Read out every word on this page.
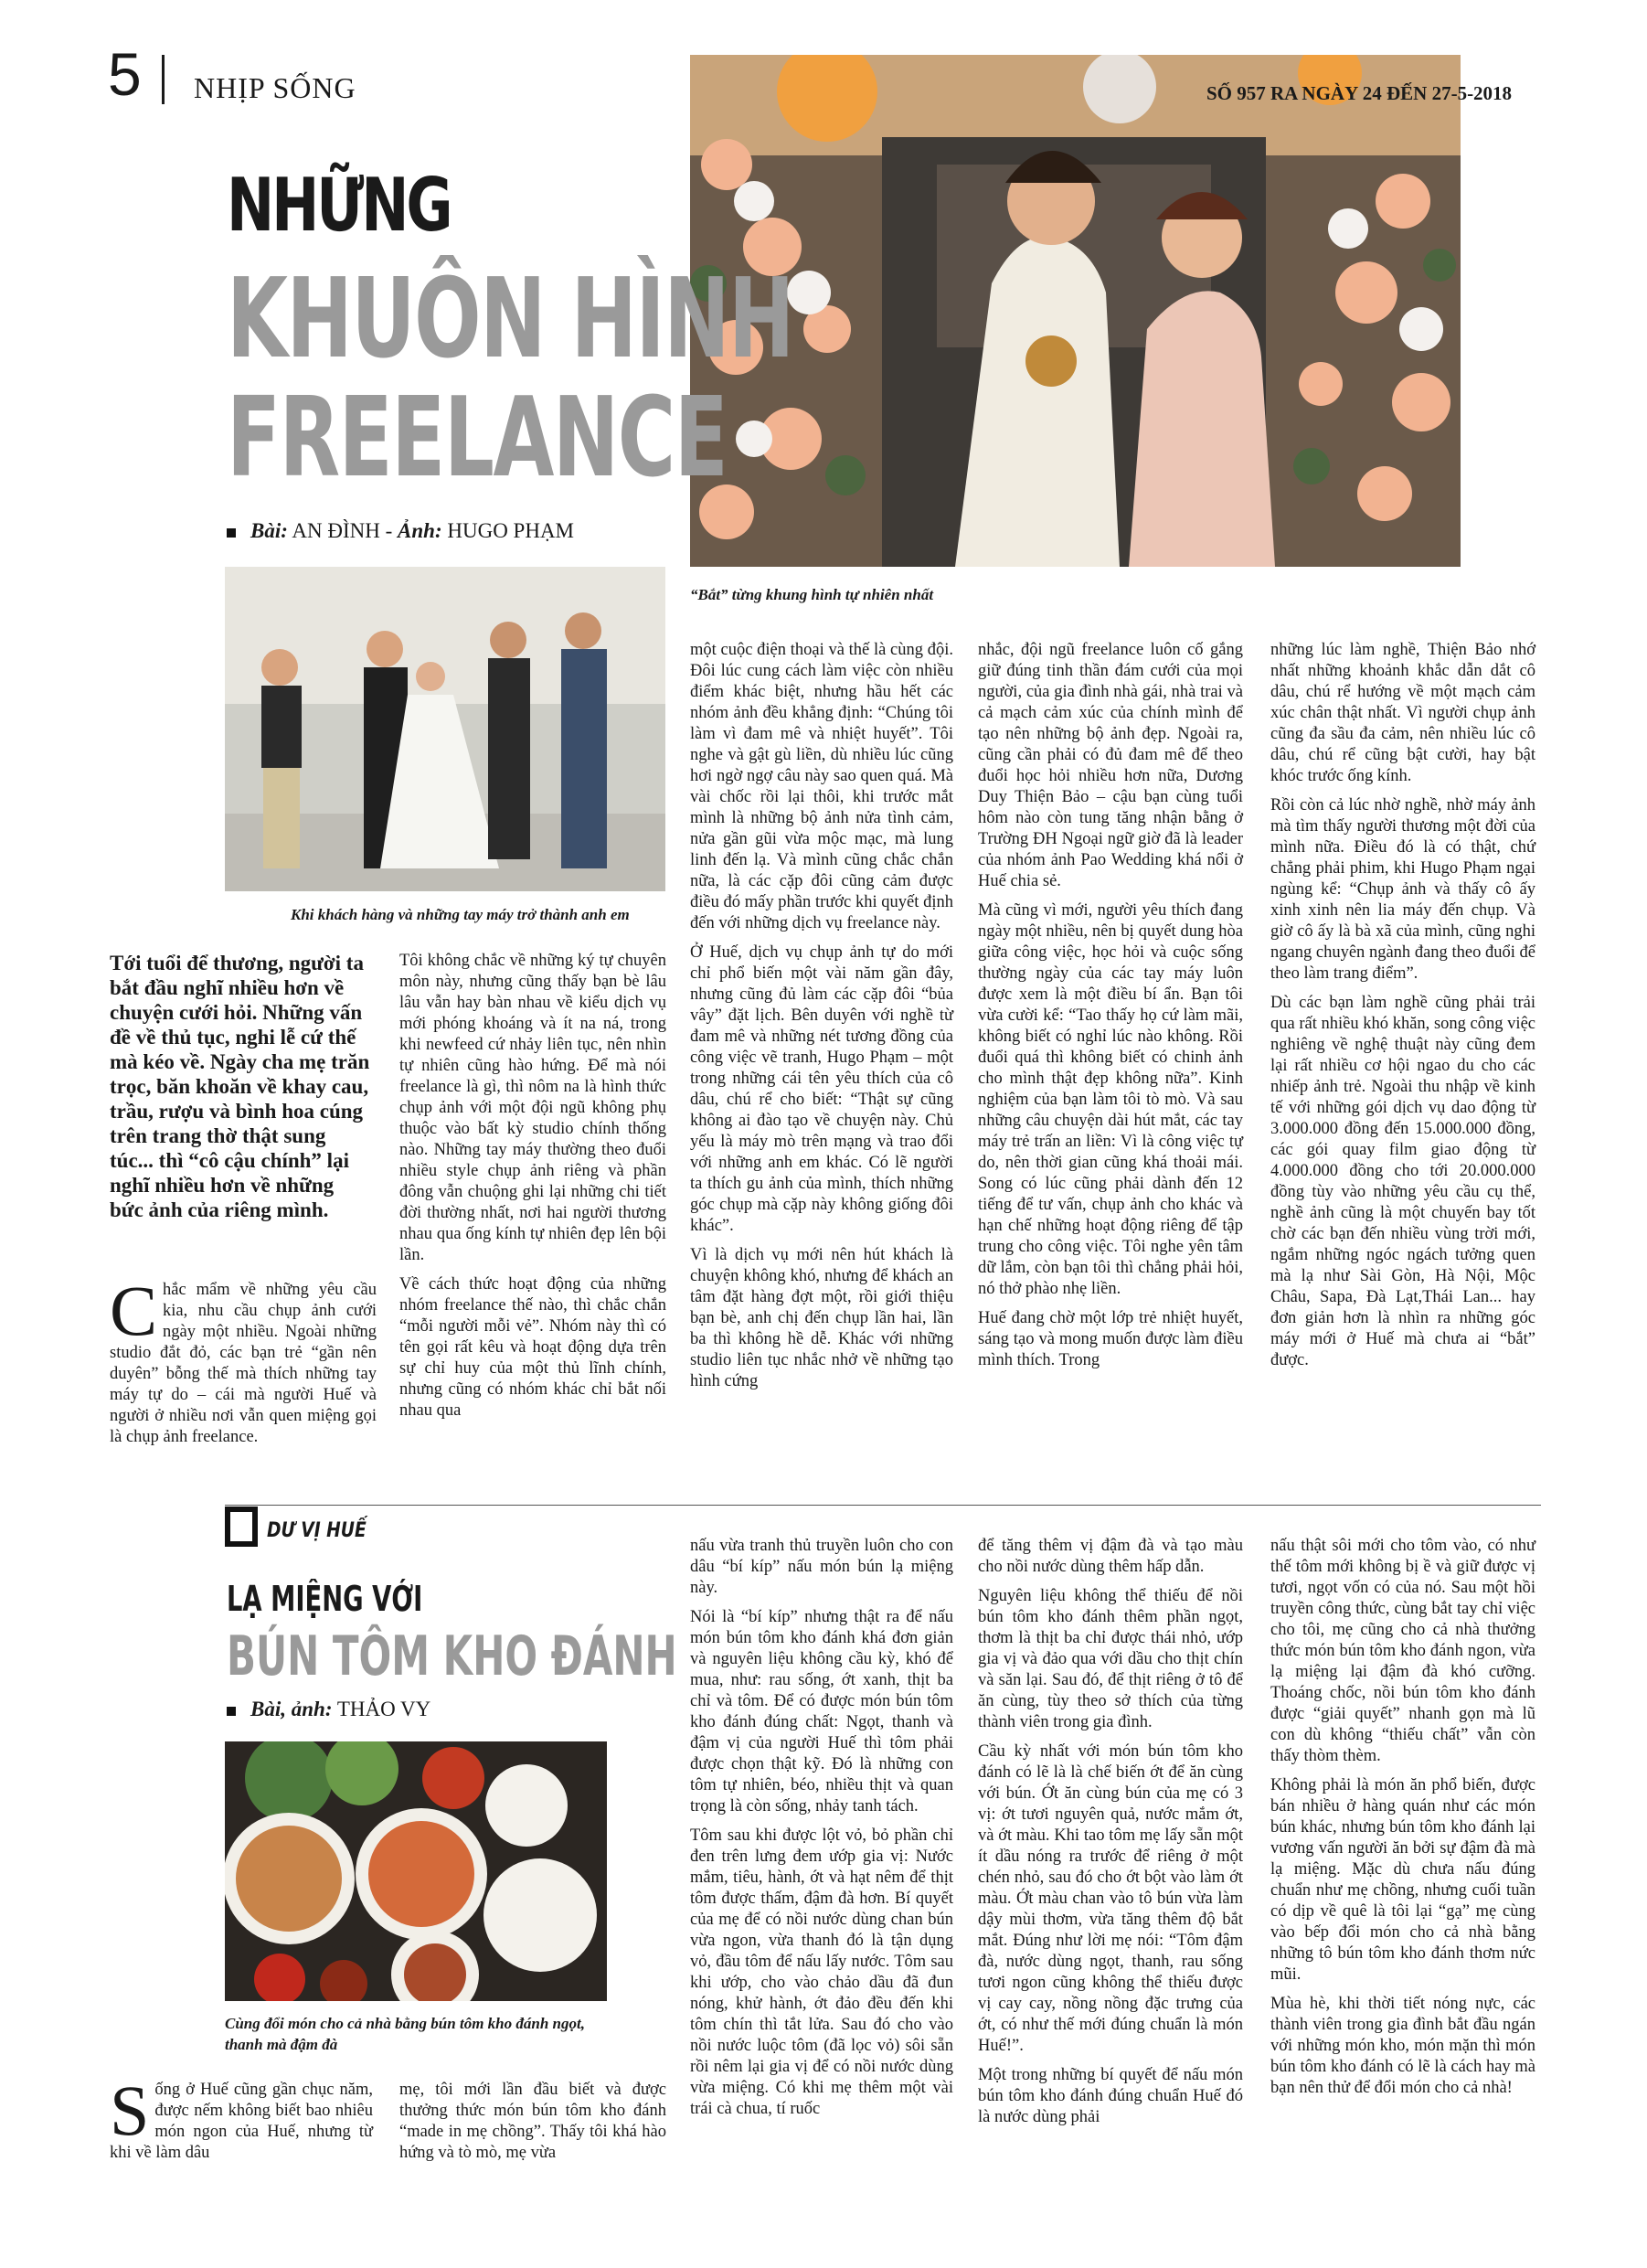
5 NHỊP SỐNG	SỐ 957 RA NGÀY 24 ĐẾN 27-5-2018
“Bắt” từng khung hình tự nhiên nhất
NHỮNG
KHUÔN HÌNH
FREELANCE
Bài: AN ĐÌNH - Ảnh: HUGO PHẠM
Khi khách hàng và những tay máy trở thành anh em
Tới tuổi để thương, người ta bắt đầu nghĩ nhiều hơn về chuyện cưới hỏi. Những vấn đề về thủ tục, nghi lễ cứ thế mà kéo về. Ngày cha mẹ trăn trọc, băn khoăn về khay cau, trầu, rượu và bình hoa cúng trên trang thờ thật sung túc... thì “cô cậu chính” lại nghĩ nhiều hơn về những bức ảnh của riêng mình.

Chắc mẩm về những yêu cầu kia, nhu cầu chụp ảnh cưới ngày một nhiều. Ngoài những studio đắt đỏ, các bạn trẻ “gần nên duyên” bỗng thế mà thích những tay máy tự do – cái mà người Huế và người ở nhiều nơi vẫn quen miệng gọi là chụp ảnh freelance.

Tôi không chắc về những ký tự chuyên môn này, nhưng cũng thấy bạn bè lâu lâu vẫn hay bàn nhau về kiểu dịch vụ mới phóng khoáng và ít na ná, trong khi newfeed cứ nhảy liên tục, nên nhìn tự nhiên cũng hào hứng. Để mà nói freelance là gì, thì nôm na là hình thức chụp ảnh với một đội ngũ không phụ thuộc vào bất kỳ studio chính thống nào. Những tay máy thường theo đuổi nhiều style chụp ảnh riêng và phần đông vẫn chuộng ghi lại những chi tiết đời thường nhất, nơi hai người thương nhau qua ống kính tự nhiên đẹp lên bội lần.

Về cách thức hoạt động của những nhóm freelance thế nào, thì chắc chắn “mỗi người mỗi vẻ”. Nhóm này thì có tên gọi rất kêu và hoạt động dựa trên sự chỉ huy của một thủ lĩnh chính, nhưng cũng có nhóm khác chỉ bắt nối nhau qua

một cuộc điện thoại và thế là cùng đội. Đôi lúc cung cách làm việc còn nhiều điểm khác biệt, nhưng hầu hết các nhóm ảnh đều khẳng định: “Chúng tôi làm vì đam mê và nhiệt huyết”. Tôi nghe và gật gù liền, dù nhiều lúc cũng hơi ngờ ngợ câu này sao quen quá. Mà vài chốc rồi lại thôi, khi trước mắt mình là những bộ ảnh nửa tình cảm, nửa gần gũi vừa mộc mạc, mà lung linh đến lạ. Và mình cũng chắc chắn nữa, là các cặp đôi cũng cảm được điều đó mấy phần trước khi quyết định đến với những dịch vụ freelance này.

Ở Huế, dịch vụ chụp ảnh tự do mới chỉ phổ biến một vài năm gần đây, nhưng cũng đủ làm các cặp đôi “bủa vây” đặt lịch. Bên duyên với nghề từ đam mê và những nét tương đồng của công việc vẽ tranh, Hugo Phạm – một trong những cái tên yêu thích của cô dâu, chú rể cho biết: “Thật sự cũng không ai đào tạo về chuyện này. Chủ yếu là máy mò trên mạng và trao đổi với những anh em khác. Có lẽ người ta thích gu ảnh của mình, thích những góc chụp mà cặp này không giống đôi khác”.

Vì là dịch vụ mới nên hút khách là chuyện không khó, nhưng để khách an tâm đặt hàng đợt một, rồi giới thiệu bạn bè, anh chị đến chụp lần hai, lần ba thì không hề dễ. Khác với những studio liên tục nhắc nhở về những tạo hình cứng

nhắc, đội ngũ freelance luôn cố gắng giữ đúng tinh thần đám cưới của mọi người, của gia đình nhà gái, nhà trai và cả mạch cảm xúc của chính mình để tạo nên những bộ ảnh đẹp. Ngoài ra, cũng cần phải có đủ đam mê để theo đuổi học hỏi nhiều hơn nữa, Dương Duy Thiện Bảo – cậu bạn cùng tuổi hôm nào còn tung tăng nhận bằng ở Trường ĐH Ngoại ngữ giờ đã là leader của nhóm ảnh Pao Wedding khá nổi ở Huế chia sẻ.

Mà cũng vì mới, người yêu thích đang ngày một nhiều, nên bị quyết dung hòa giữa công việc, học hỏi và cuộc sống thường ngày của các tay máy luôn được xem là một điều bí ẩn. Bạn tôi vừa cười kể: “Tao thấy họ cứ làm mãi, không biết có nghỉ lúc nào không. Rồi đuổi quá thì không biết có chinh ảnh cho mình thật đẹp không nữa”. Kinh nghiệm của bạn làm tôi tò mò. Và sau những câu chuyện dài hút mắt, các tay máy trẻ trấn an liền: Vì là công việc tự do, nên thời gian cũng khá thoải mái. Song có lúc cũng phải dành đến 12 tiếng để tư vấn, chụp ảnh cho khác và hạn chế những hoạt động riêng để tập trung cho công việc. Tôi nghe yên tâm dữ lắm, còn bạn tôi thì chẳng phải hỏi, nó thở phào nhẹ liền.

Huế đang chờ một lớp trẻ nhiệt huyết, sáng tạo và mong muốn được làm điều mình thích. Trong

những lúc làm nghề, Thiện Bảo nhớ nhất những khoảnh khắc dẫn dắt cô dâu, chú rể hướng về một mạch cảm xúc chân thật nhất. Vì người chụp ảnh cũng đa sầu đa cảm, nên nhiều lúc cô dâu, chú rể cũng bật cười, hay bật khóc trước ống kính.

Rồi còn cả lúc nhờ nghề, nhờ máy ảnh mà tìm thấy người thương một đời của mình nữa. Điều đó là có thật, chứ chẳng phải phim, khi Hugo Phạm ngại ngùng kể: “Chụp ảnh và thấy cô ấy xinh xinh nên lia máy đến chụp. Và giờ cô ấy là bà xã của mình, cũng nghi ngang chuyên ngành đang theo đuổi để theo làm trang điểm”.

Dù các bạn làm nghề cũng phải trải qua rất nhiều khó khăn, song công việc nghiêng về nghệ thuật này cũng đem lại rất nhiều cơ hội ngao du cho các nhiếp ảnh trẻ. Ngoài thu nhập về kinh tế với những gói dịch vụ dao động từ 3.000.000 đồng đến 15.000.000 đồng, các gói quay film giao động từ 4.000.000 đồng cho tới 20.000.000 đồng tùy vào những yêu cầu cụ thể, nghề ảnh cũng là một chuyến bay tốt chờ các bạn đến nhiều vùng trời mới, ngắm những ngóc ngách tưởng quen mà lạ như Sài Gòn, Hà Nội, Mộc Châu, Sapa, Đà Lạt,Thái Lan... hay đơn giản hơn là nhìn ra những góc máy mới ở Huế mà chưa ai “bắt” được.

DƯ VỊ HUẾ
LẠ MIỆNG VỚI
BÚN TÔM KHO ĐÁNH
Bài, ảnh: THẢO VY
Cùng đổi món cho cả nhà bằng bún tôm kho đánh ngọt, thanh mà đậm đà

Sống ở Huế cũng gần chục năm, được nếm không biết bao nhiêu món ngon của Huế, nhưng từ khi về làm dâu

mẹ, tôi mới lần đầu biết và được thưởng thức món bún tôm kho đánh “made in mẹ chồng”. Thấy tôi khá hào hứng và tò mò, mẹ vừa

nấu vừa tranh thủ truyền luôn cho con dâu “bí kíp” nấu món bún lạ miệng này.

Nói là “bí kíp” nhưng thật ra để nấu món bún tôm kho đánh khá đơn giản và nguyên liệu không cầu kỳ, khó để mua, như: rau sống, ớt xanh, thịt ba chỉ và tôm. Để có được món bún tôm kho đánh đúng chất: Ngọt, thanh và đậm vị của người Huế thì tôm phải được chọn thật kỹ. Đó là những con tôm tự nhiên, béo, nhiều thịt và quan trọng là còn sống, nhảy tanh tách.

Tôm sau khi được lột vỏ, bỏ phần chỉ đen trên lưng đem ướp gia vị: Nước mắm, tiêu, hành, ớt và hạt nêm để thịt tôm được thấm, đậm đà hơn. Bí quyết của mẹ để có nồi nước dùng chan bún vừa ngon, vừa thanh đó là tận dụng vỏ, đầu tôm để nấu lấy nước. Tôm sau khi ướp, cho vào chảo dầu đã đun nóng, khử hành, ớt đảo đều đến khi tôm chín thì tắt lửa. Sau đó cho vào nồi nước luộc tôm (đã lọc vỏ) sôi sẵn rồi nêm lại gia vị để có nồi nước dùng vừa miệng. Có khi mẹ thêm một vài trái cà chua, tí ruốc

để tăng thêm vị đậm đà và tạo màu cho nồi nước dùng thêm hấp dẫn.

Nguyên liệu không thể thiếu để nồi bún tôm kho đánh thêm phần ngọt, thơm là thịt ba chỉ được thái nhỏ, ướp gia vị và đảo qua với dầu cho thịt chín và săn lại. Sau đó, để thịt riêng ở tô để ăn cùng, tùy theo sở thích của từng thành viên trong gia đình.

Cầu kỳ nhất với món bún tôm kho đánh có lẽ là là chế biến ớt để ăn cùng với bún. Ớt ăn cùng bún của mẹ có 3 vị: ớt tươi nguyên quả, nước mắm ớt, và ớt màu. Khi tao tôm mẹ lấy sẵn một ít dầu nóng ra trước để riêng ở một chén nhỏ, sau đó cho ớt bột vào làm ớt màu. Ớt màu chan vào tô bún vừa làm dậy mùi thơm, vừa tăng thêm độ bắt mắt. Đúng như lời mẹ nói: “Tôm đậm đà, nước dùng ngọt, thanh, rau sống tươi ngon cũng không thể thiếu được vị cay cay, nồng nồng đặc trưng của ớt, có như thế mới đúng chuẩn là món Huế!”.

Một trong những bí quyết để nấu món bún tôm kho đánh đúng chuẩn Huế đó là nước dùng phải

nấu thật sôi mới cho tôm vào, có như thế tôm mới không bị ề và giữ được vị tươi, ngọt vốn có của nó. Sau một hồi truyền công thức, cùng bắt tay chỉ việc cho tôi, mẹ cũng cho cả nhà thưởng thức món bún tôm kho đánh ngon, vừa lạ miệng lại đậm đà khó cưỡng. Thoáng chốc, nồi bún tôm kho đánh được “giải quyết” nhanh gọn mà lũ con dù không “thiếu chất” vẫn còn thấy thòm thèm.

Không phải là món ăn phổ biến, được bán nhiều ở hàng quán như các món bún khác, nhưng bún tôm kho đánh lại vương vấn người ăn bởi sự đậm đà mà lạ miệng. Mặc dù chưa nấu đúng chuẩn như mẹ chồng, nhưng cuối tuần có dịp về quê là tôi lại “gạ” mẹ cùng vào bếp đổi món cho cả nhà bằng những tô bún tôm kho đánh thơm nức mũi.

Mùa hè, khi thời tiết nóng nực, các thành viên trong gia đình bắt đầu ngán với những món kho, món mặn thì món bún tôm kho đánh có lẽ là cách hay mà bạn nên thử để đổi món cho cả nhà!
